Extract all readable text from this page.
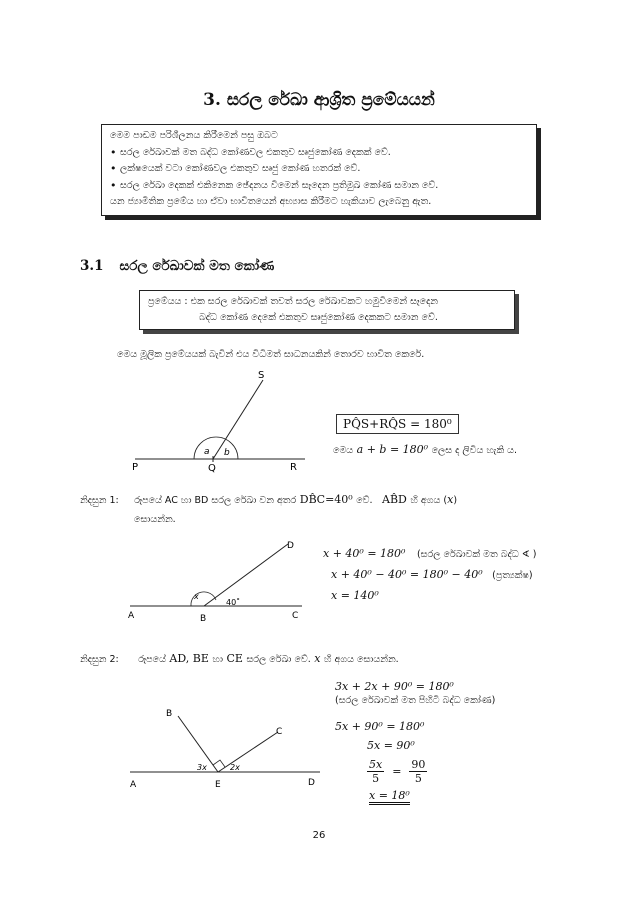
3. සරල රේඛා ආශ්‍රිත ප්‍රමේයයන්
මෙම පාඩම පරිශීලනය කිරීමෙන් පසු ඔබට
• සරල රේඛාවක් මත බද්ධ කෝණවල එකතුව සෘජුකෝණ දෙකක් වේ.
• ලක්ෂයෙක් වටා කෝණවල එකතුව සෘජු කෝණ හතරක් වේ.
• සරල රේඛා දෙකක් එකිනෙක ඡේදනය වීමෙන් සෑදෙන ප්‍රතිමුඛ කෝණ සමාන වේ.
යන ජ්‍යාමිතික ප්‍රමේය හා ඒවා භාවිතයෙන් අභ්‍යාස කිරීමට හැකියාව ලැබෙනු ඇත.
3.1 සරල රේඛාවක් මත කෝණ
ප්‍රමේයය : එක සරල රේඛාවක් තවත් සරල රේඛාවකට හමුවීමෙන් සෑදෙන
බද්ධ කෝණ දෙකේ එකතුව සෘජුකෝණ දෙකකට සමාන වේ.
මෙය මූලික ප්‍රමේයයක් බැවින් එය විධිමත් සාධනයකින් තොරව භාවිත කෙරේ.
S
P	Q	R
a b
PQ̂S+RQ̂S = 180⁰
මෙය a + b = 180⁰ ලෙස ද ලිවිය හැකි ය.
නිදසුන 1: රූපයේ AC හා BD සරල රේඛා වන අතර DB̂C=40⁰ වේ. AB̂D හි අගය (x)
සොයන්න.
D
A	B	C
x
40˚
x + 40⁰ = 180⁰ (සරල රේඛාවක් මත බද්ධ ∢ )
x + 40⁰ − 40⁰ = 180⁰ − 40⁰ (ප්‍රත්‍යක්ෂ)
x = 140⁰
නිදසුන 2: රූපයේ AD, BE හා CE සරල රේඛා වේ. x හි අගය සොයන්න.
B
C
A	E	D
3x	2x
3x + 2x + 90⁰ = 180⁰
(සරල රේඛාවක් මත පිහිටි බද්ධ කෝණ)
5x + 90⁰ = 180⁰
5x = 90⁰
$\frac{5x}{5} = \frac{90}{5}$
x = 18⁰
26
